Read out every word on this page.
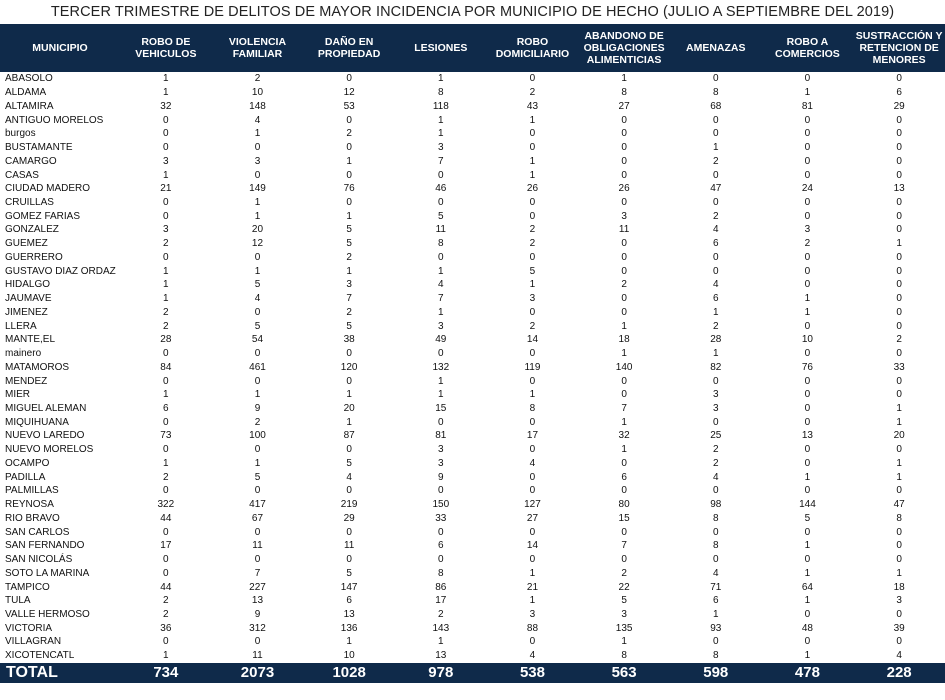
TERCER TRIMESTRE DE DELITOS DE MAYOR INCIDENCIA POR MUNICIPIO DE HECHO (JULIO A SEPTIEMBRE DEL 2019)
MUNICIPIO	ROBO DE VEHICULOS	VIOLENCIA FAMILIAR	DAÑO EN PROPIEDAD	LESIONES	ROBO DOMICILIARIO	ABANDONO DE OBLIGACIONES ALIMENTICIAS	AMENAZAS	ROBO A COMERCIOS	SUSTRACCIÓN Y RETENCION DE MENORES

ABASOLO	1	2	0	1	0	1	0	0	0
ALDAMA	1	10	12	8	2	8	8	1	6
ALTAMIRA	32	148	53	118	43	27	68	81	29
ANTIGUO MORELOS	0	4	0	1	1	0	0	0	0
burgos	0	1	2	1	0	0	0	0	0
BUSTAMANTE	0	0	0	3	0	0	1	0	0
CAMARGO	3	3	1	7	1	0	2	0	0
CASAS	1	0	0	0	1	0	0	0	0
CIUDAD MADERO	21	149	76	46	26	26	47	24	13
CRUILLAS	0	1	0	0	0	0	0	0	0
GOMEZ FARIAS	0	1	1	5	0	3	2	0	0
GONZALEZ	3	20	5	11	2	11	4	3	0
GUEMEZ	2	12	5	8	2	0	6	2	1
GUERRERO	0	0	2	0	0	0	0	0	0
GUSTAVO DIAZ ORDAZ	1	1	1	1	5	0	0	0	0
HIDALGO	1	5	3	4	1	2	4	0	0
JAUMAVE	1	4	7	7	3	0	6	1	0
JIMENEZ	2	0	2	1	0	0	1	1	0
LLERA	2	5	5	3	2	1	2	0	0
MANTE,EL	28	54	38	49	14	18	28	10	2
mainero	0	0	0	0	0	1	1	0	0
MATAMOROS	84	461	120	132	119	140	82	76	33
MENDEZ	0	0	0	1	0	0	0	0	0
MIER	1	1	1	1	1	0	3	0	0
MIGUEL ALEMAN	6	9	20	15	8	7	3	0	1
MIQUIHUANA	0	2	1	0	0	1	0	0	1
NUEVO LAREDO	73	100	87	81	17	32	25	13	20
NUEVO MORELOS	0	0	0	3	0	1	2	0	0
OCAMPO	1	1	5	3	4	0	2	0	1
PADILLA	2	5	4	9	0	6	4	1	1
PALMILLAS	0	0	0	0	0	0	0	0	0
REYNOSA	322	417	219	150	127	80	98	144	47
RIO BRAVO	44	67	29	33	27	15	8	5	8
SAN CARLOS	0	0	0	0	0	0	0	0	0
SAN FERNANDO	17	11	11	6	14	7	8	1	0
SAN NICOLÁS	0	0	0	0	0	0	0	0	0
SOTO LA MARINA	0	7	5	8	1	2	4	1	1
TAMPICO	44	227	147	86	21	22	71	64	18
TULA	2	13	6	17	1	5	6	1	3
VALLE HERMOSO	2	9	13	2	3	3	1	0	0
VICTORIA	36	312	136	143	88	135	93	48	39
VILLAGRAN	0	0	1	1	0	1	0	0	0
XICOTENCATL	1	11	10	13	4	8	8	1	4
TOTAL	734	2073	1028	978	538	563	598	478	228
